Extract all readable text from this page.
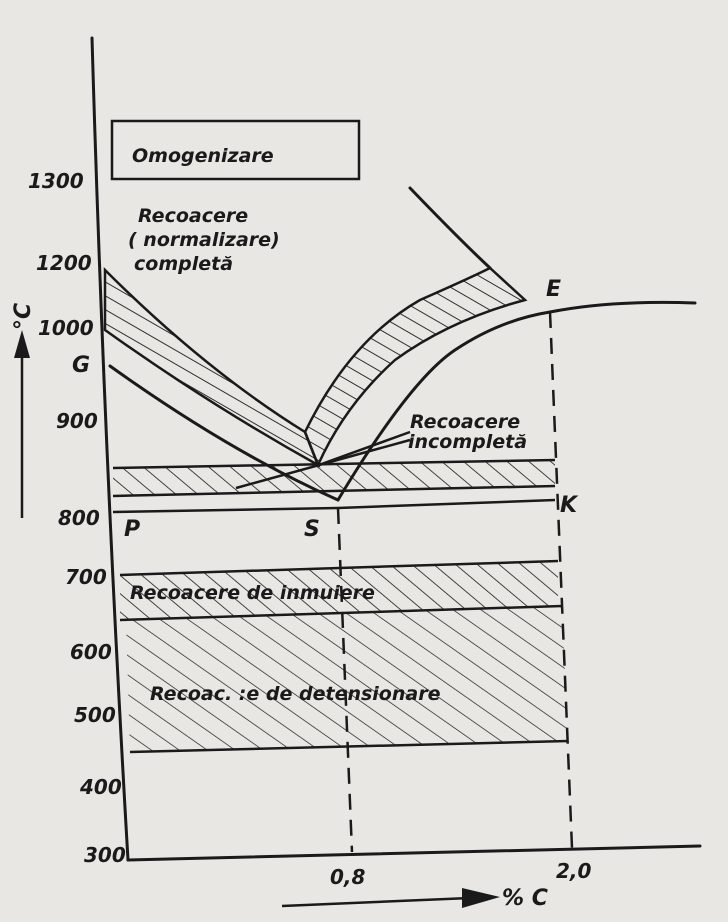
1300
1200
1000
900
800
700
600
500
400
300
°C
0,8	2,0
% C
G
P	S
E
K
Omogenizare
Recoacere
( normalizare)
completă
Recoacere
incompletă
Recoacere de inmuiere
Recoac. :e de detensionare
